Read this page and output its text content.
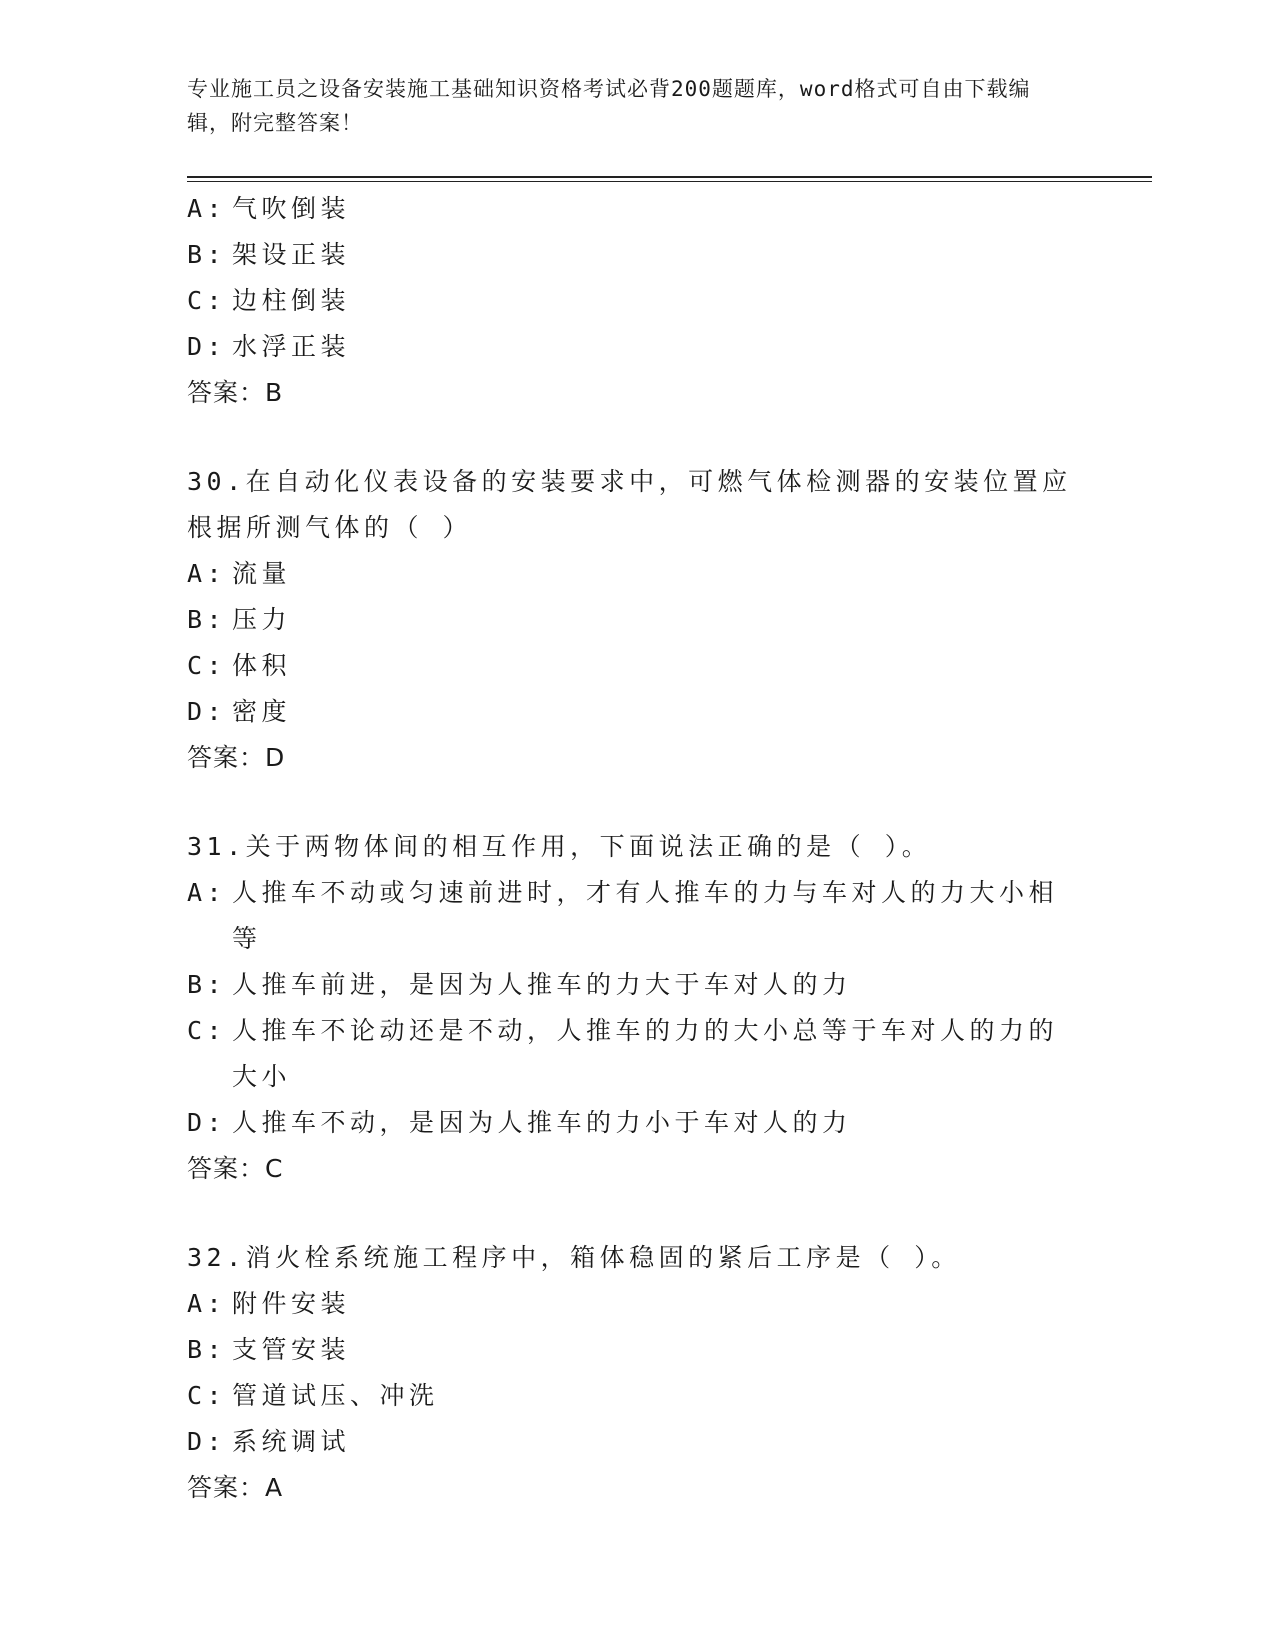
专业施工员之设备安装施工基础知识资格考试必背200题题库，word格式可自由下载编辑，附完整答案！
A: 气吹倒装
B: 架设正装
C: 边柱倒装
D: 水浮正装
答案：B
30.在自动化仪表设备的安装要求中，可燃气体检测器的安装位置应根据所测气体的（ ）
A: 流量
B: 压力
C: 体积
D: 密度
答案：D
31.关于两物体间的相互作用，下面说法正确的是（ ）。
A: 人推车不动或匀速前进时，才有人推车的力与车对人的力大小相等
B: 人推车前进，是因为人推车的力大于车对人的力
C: 人推车不论动还是不动，人推车的力的大小总等于车对人的力的大小
D: 人推车不动，是因为人推车的力小于车对人的力
答案：C
32.消火栓系统施工程序中，箱体稳固的紧后工序是（ ）。
A: 附件安装
B: 支管安装
C: 管道试压、冲洗
D: 系统调试
答案：A
